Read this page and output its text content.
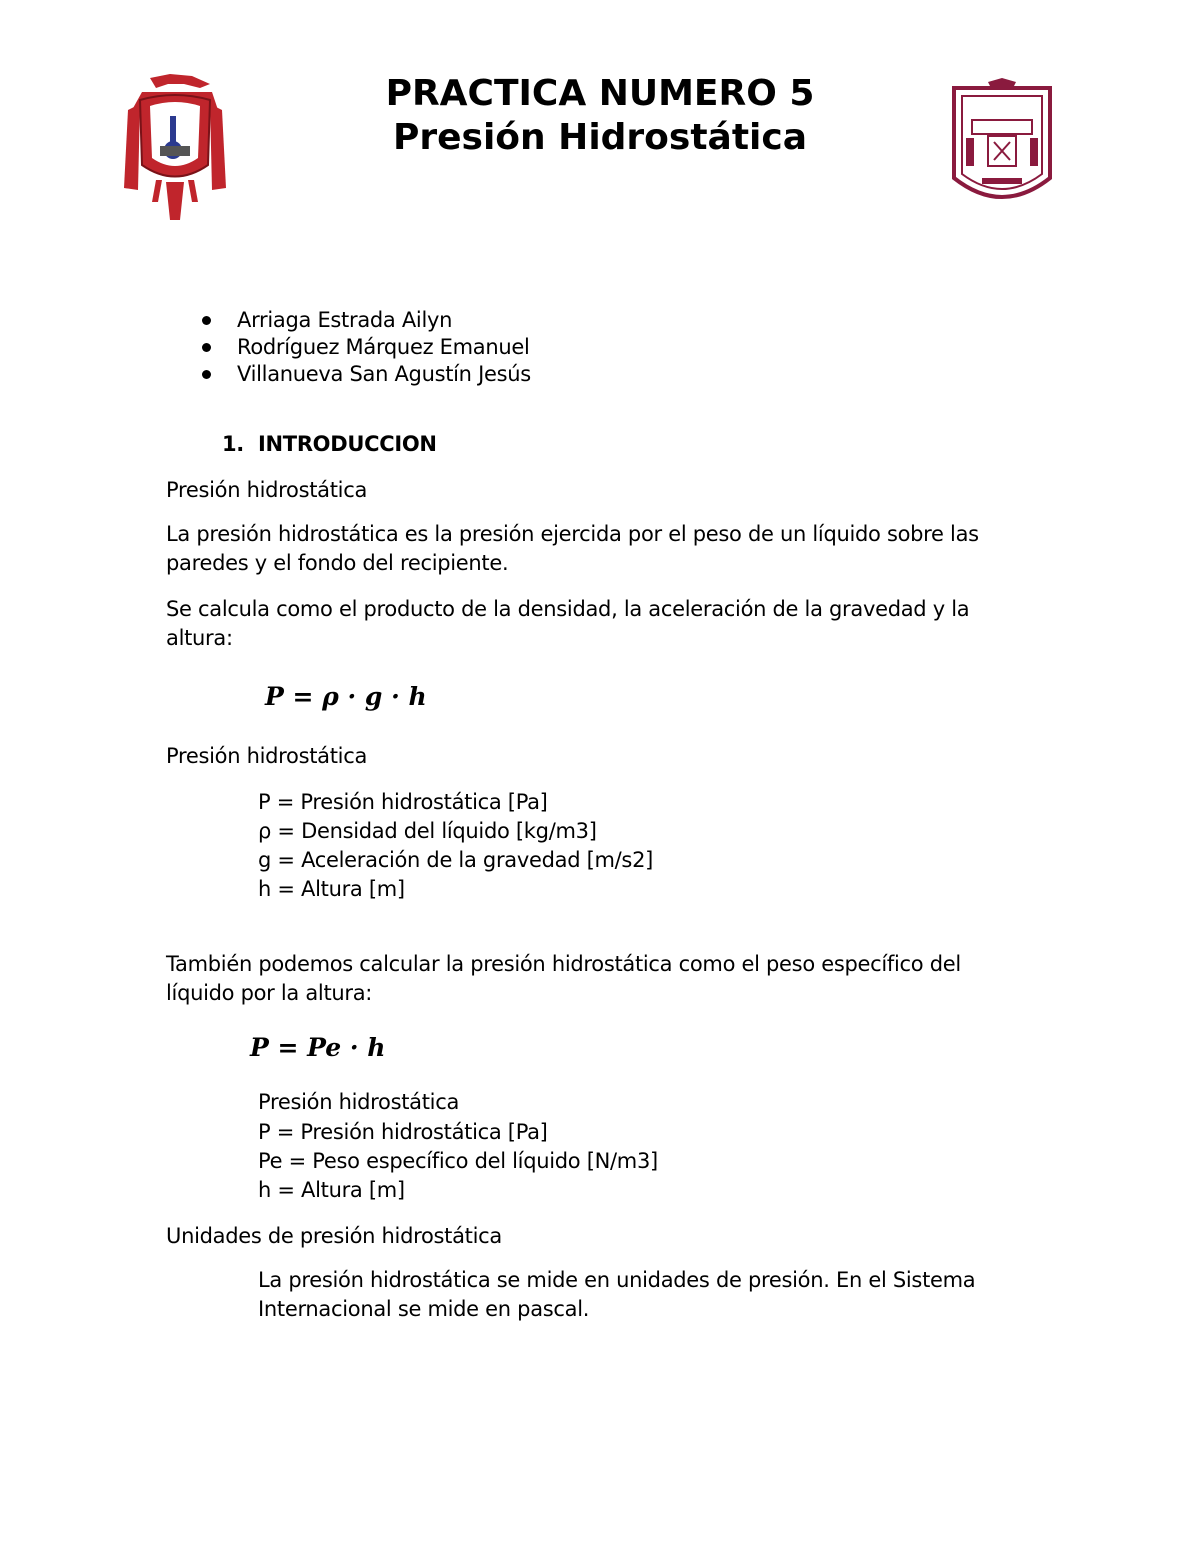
PRACTICA NUMERO 5
Presión Hidrostática
Arriaga Estrada Ailyn
Rodríguez Márquez Emanuel
Villanueva San Agustín Jesús
1. INTRODUCCION
Presión hidrostática
La presión hidrostática es la presión ejercida por el peso de un líquido sobre las paredes y el fondo del recipiente.
Se calcula como el producto de la densidad, la aceleración de la gravedad y la altura:
P = ρ · g · h
Presión hidrostática
P = Presión hidrostática [Pa]
ρ = Densidad del líquido [kg/m3]
g = Aceleración de la gravedad [m/s2]
h = Altura [m]
También podemos calcular la presión hidrostática como el peso específico del líquido por la altura:
P = Pe · h
Presión hidrostática
P = Presión hidrostática [Pa]
Pe = Peso específico del líquido [N/m3]
h = Altura [m]
Unidades de presión hidrostática
La presión hidrostática se mide en unidades de presión. En el Sistema Internacional se mide en pascal.
